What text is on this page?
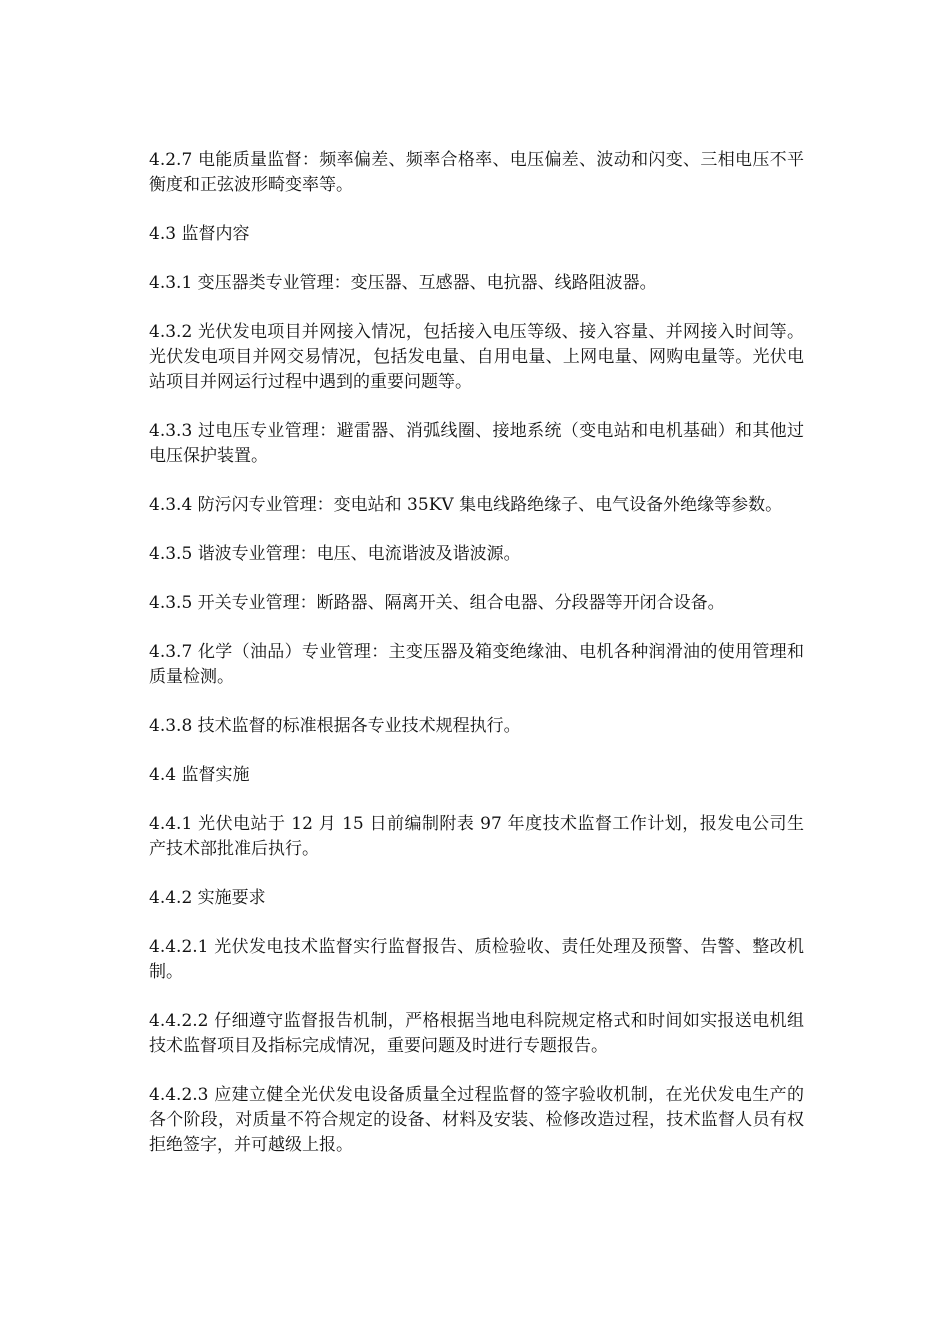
4.2.7 电能质量监督：频率偏差、频率合格率、电压偏差、波动和闪变、三相电压不平衡度和正弦波形畸变率等。

4.3 监督内容

4.3.1 变压器类专业管理：变压器、互感器、电抗器、线路阻波器。

4.3.2 光伏发电项目并网接入情况，包括接入电压等级、接入容量、并网接入时间等。光伏发电项目并网交易情况，包括发电量、自用电量、上网电量、网购电量等。光伏电站项目并网运行过程中遇到的重要问题等。

4.3.3 过电压专业管理：避雷器、消弧线圈、接地系统（变电站和电机基础）和其他过电压保护装置。

4.3.4 防污闪专业管理：变电站和 35KV 集电线路绝缘子、电气设备外绝缘等参数。

4.3.5 谐波专业管理：电压、电流谐波及谐波源。

4.3.5 开关专业管理：断路器、隔离开关、组合电器、分段器等开闭合设备。

4.3.7 化学（油品）专业管理：主变压器及箱变绝缘油、电机各种润滑油的使用管理和质量检测。

4.3.8 技术监督的标准根据各专业技术规程执行。

4.4 监督实施

4.4.1 光伏电站于 12 月 15 日前编制附表 97 年度技术监督工作计划，报发电公司生产技术部批准后执行。

4.4.2 实施要求

4.4.2.1 光伏发电技术监督实行监督报告、质检验收、责任处理及预警、告警、整改机制。

4.4.2.2 仔细遵守监督报告机制，严格根据当地电科院规定格式和时间如实报送电机组技术监督项目及指标完成情况，重要问题及时进行专题报告。

4.4.2.3 应建立健全光伏发电设备质量全过程监督的签字验收机制，在光伏发电生产的各个阶段，对质量不符合规定的设备、材料及安装、检修改造过程，技术监督人员有权拒绝签字，并可越级上报。
